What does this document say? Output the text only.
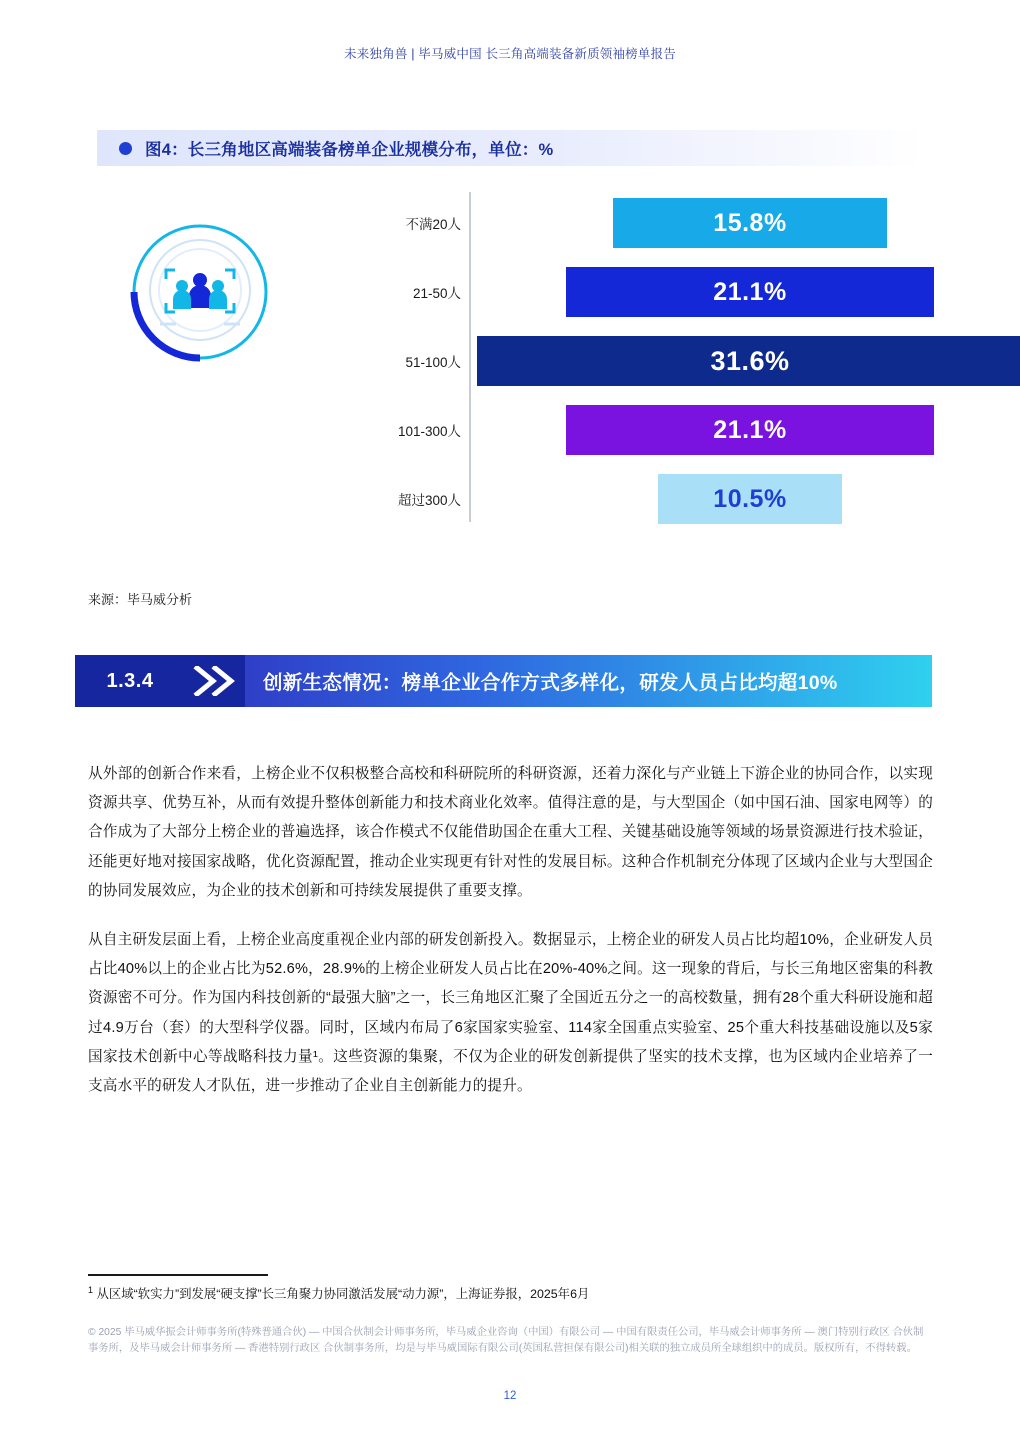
未来独角兽 | 毕马威中国 长三角高端装备新质领袖榜单报告
图4：长三角地区高端装备榜单企业规模分布，单位：%
不满20人	15.8%
21-50人	21.1%
51-100人	31.6%
101-300人	21.1%
超过300人	10.5%
来源：毕马威分析
1.3.4	创新生态情况：榜单企业合作方式多样化，研发人员占比均超10%

从外部的创新合作来看，上榜企业不仅积极整合高校和科研院所的科研资源，还着力深化与产业链上下游企业的协同合作，以实现资源共享、优势互补，从而有效提升整体创新能力和技术商业化效率。值得注意的是，与大型国企（如中国石油、国家电网等）的合作成为了大部分上榜企业的普遍选择，该合作模式不仅能借助国企在重大工程、关键基础设施等领域的场景资源进行技术验证，还能更好地对接国家战略，优化资源配置，推动企业实现更有针对性的发展目标。这种合作机制充分体现了区域内企业与大型国企的协同发展效应，为企业的技术创新和可持续发展提供了重要支撑。

从自主研发层面上看，上榜企业高度重视企业内部的研发创新投入。数据显示，上榜企业的研发人员占比均超10%，企业研发人员占比40%以上的企业占比为52.6%，28.9%的上榜企业研发人员占比在20%-40%之间。这一现象的背后，与长三角地区密集的科教资源密不可分。作为国内科技创新的“最强大脑”之一，长三角地区汇聚了全国近五分之一的高校数量，拥有28个重大科研设施和超过4.9万台（套）的大型科学仪器。同时，区域内布局了6家国家实验室、114家全国重点实验室、25个重大科技基础设施以及5家国家技术创新中心等战略科技力量¹。这些资源的集聚，不仅为企业的研发创新提供了坚实的技术支撑，也为区域内企业培养了一支高水平的研发人才队伍，进一步推动了企业自主创新能力的提升。

$^1$ 从区域“软实力”到发展“硬支撑”长三角聚力协同激活发展“动力源”，上海证券报，2025年6月
© 2025 毕马威华振会计师事务所(特殊普通合伙) — 中国合伙制会计师事务所，毕马威企业咨询（中国）有限公司 — 中国有限责任公司，毕马威会计师事务所 — 澳门特别行政区 合伙制事务所，及毕马威会计师事务所 — 香港特别行政区 合伙制事务所，均是与毕马威国际有限公司(英国私营担保有限公司)相关联的独立成员所全球组织中的成员。版权所有，不得转载。
12
